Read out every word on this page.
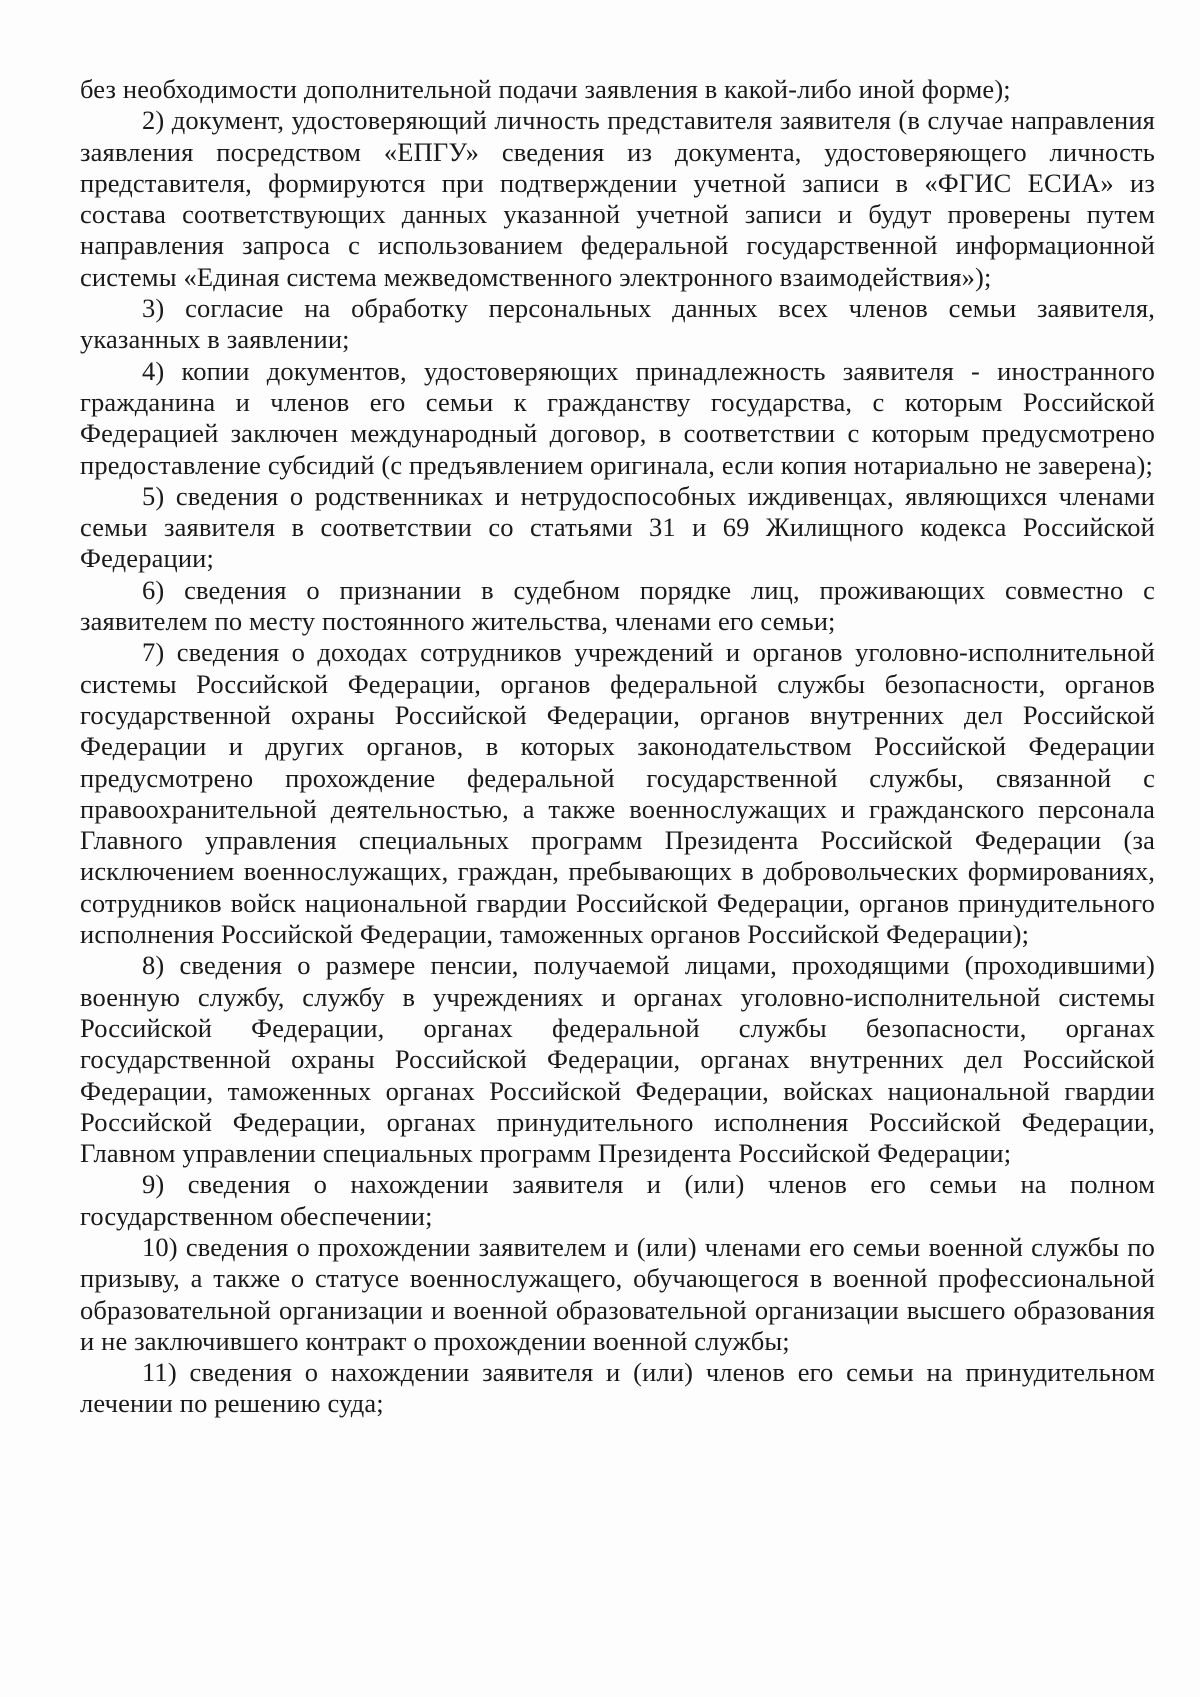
без необходимости дополнительной подачи заявления в какой-либо иной форме);

2) документ, удостоверяющий личность представителя заявителя (в случае направления заявления посредством «ЕПГУ» сведения из документа, удостоверяющего личность представителя, формируются при подтверждении учетной записи в «ФГИС ЕСИА» из состава соответствующих данных указанной учетной записи и будут проверены путем направления запроса с использованием федеральной государственной информационной системы «Единая система межведомственного электронного взаимодействия»);

3) согласие на обработку персональных данных всех членов семьи заявителя, указанных в заявлении;

4) копии документов, удостоверяющих принадлежность заявителя - иностранного гражданина и членов его семьи к гражданству государства, с которым Российской Федерацией заключен международный договор, в соответствии с которым предусмотрено предоставление субсидий (с предъявлением оригинала, если копия нотариально не заверена);

5) сведения о родственниках и нетрудоспособных иждивенцах, являющихся членами семьи заявителя в соответствии со статьями 31 и 69 Жилищного кодекса Российской Федерации;

6) сведения о признании в судебном порядке лиц, проживающих совместно с заявителем по месту постоянного жительства, членами его семьи;

7) сведения о доходах сотрудников учреждений и органов уголовно-исполнительной системы Российской Федерации, органов федеральной службы безопасности, органов государственной охраны Российской Федерации, органов внутренних дел Российской Федерации и других органов, в которых законодательством Российской Федерации предусмотрено прохождение федеральной государственной службы, связанной с правоохранительной деятельностью, а также военнослужащих и гражданского персонала Главного управления специальных программ Президента Российской Федерации (за исключением военнослужащих, граждан, пребывающих в добровольческих формированиях, сотрудников войск национальной гвардии Российской Федерации, органов принудительного исполнения Российской Федерации, таможенных органов Российской Федерации);

8) сведения о размере пенсии, получаемой лицами, проходящими (проходившими) военную службу, службу в учреждениях и органах уголовно-исполнительной системы Российской Федерации, органах федеральной службы безопасности, органах государственной охраны Российской Федерации, органах внутренних дел Российской Федерации, таможенных органах Российской Федерации, войсках национальной гвардии Российской Федерации, органах принудительного исполнения Российской Федерации, Главном управлении специальных программ Президента Российской Федерации;

9) сведения о нахождении заявителя и (или) членов его семьи на полном государственном обеспечении;

10) сведения о прохождении заявителем и (или) членами его семьи военной службы по призыву, а также о статусе военнослужащего, обучающегося в военной профессиональной образовательной организации и военной образовательной организации высшего образования и не заключившего контракт о прохождении военной службы;

11) сведения о нахождении заявителя и (или) членов его семьи на принудительном лечении по решению суда;
